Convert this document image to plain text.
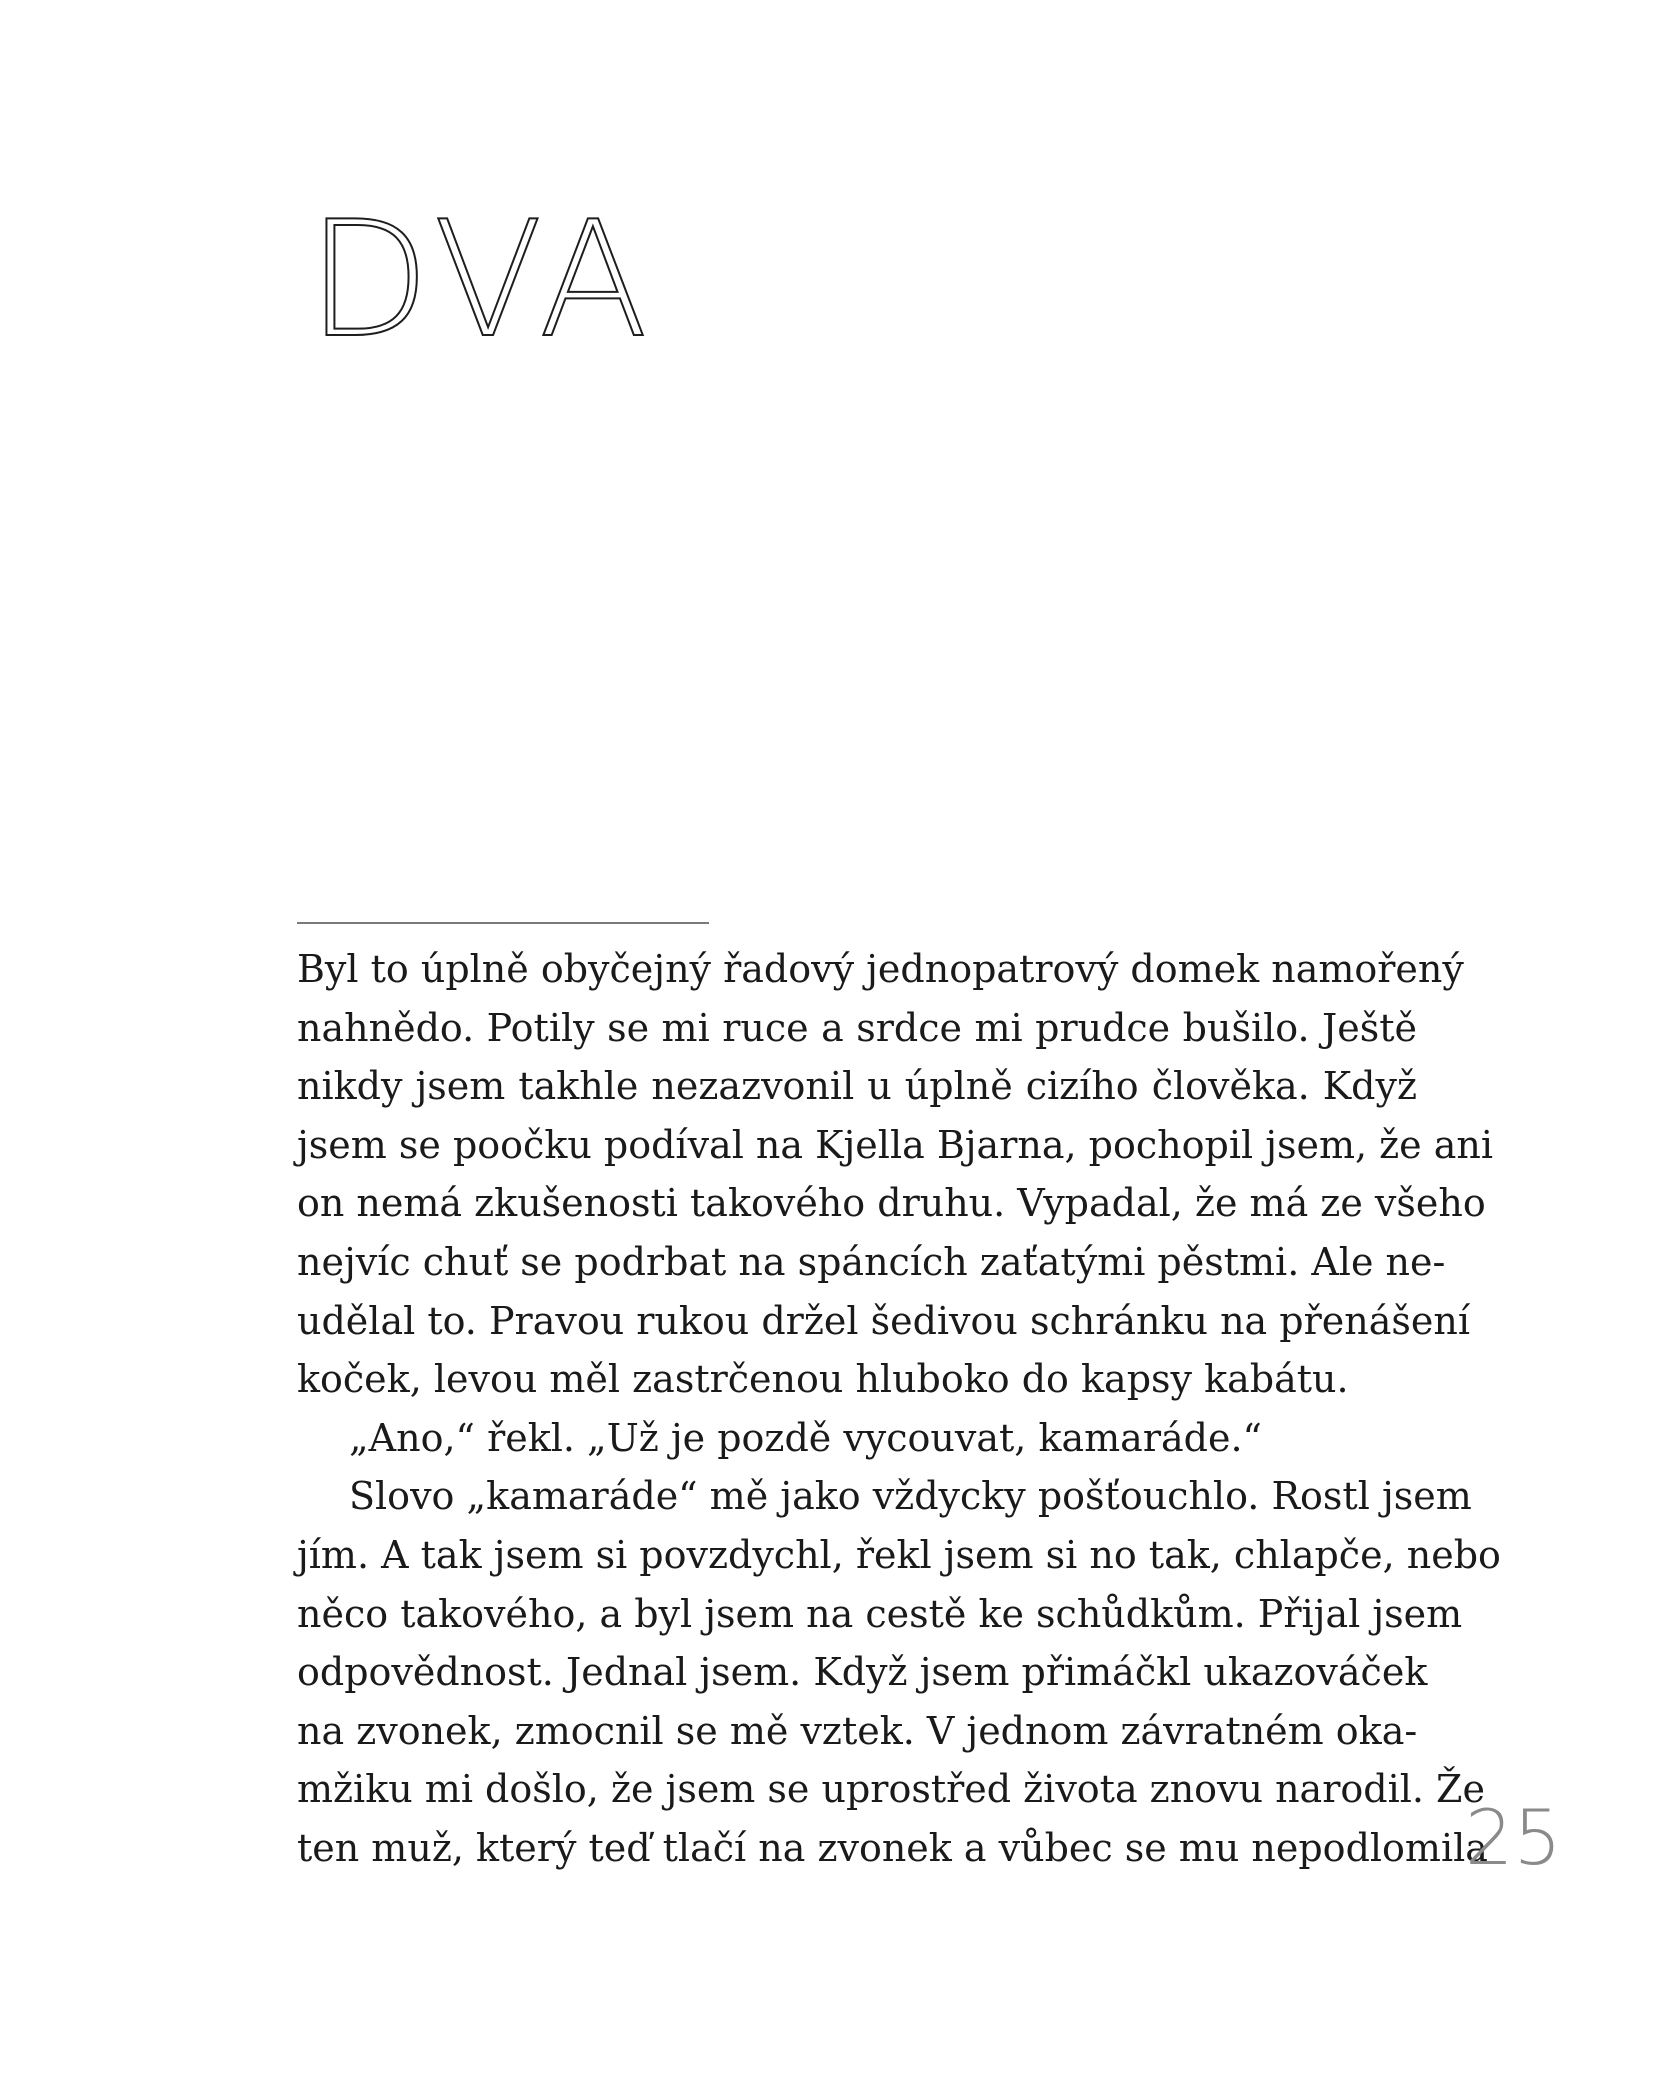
DVA
Byl to úplně obyčejný řadový jednopatrový domek namořený
nahnědo. Potily se mi ruce a srdce mi prudce bušilo. Ještě
nikdy jsem takhle nezazvonil u úplně cizího člověka. Když
jsem se poočku podíval na Kjella Bjarna, pochopil jsem, že ani
on nemá zkušenosti takového druhu. Vypadal, že má ze všeho
nejvíc chuť se podrbat na spáncích zaťatými pěstmi. Ale ne-
udělal to. Pravou rukou držel šedivou schránku na přenášení
koček, levou měl zastrčenou hluboko do kapsy kabátu.
„Ano,“ řekl. „Už je pozdě vycouvat, kamaráde.“
Slovo „kamaráde“ mě jako vždycky pošťouchlo. Rostl jsem
jím. A tak jsem si povzdychl, řekl jsem si no tak, chlapče, nebo
něco takového, a byl jsem na cestě ke schůdkům. Přijal jsem
odpovědnost. Jednal jsem. Když jsem přimáčkl ukazováček
na zvonek, zmocnil se mě vztek. V jednom závratném oka-
mžiku mi došlo, že jsem se uprostřed života znovu narodil. Že
ten muž, který teď tlačí na zvonek a vůbec se mu nepodlomila
25
